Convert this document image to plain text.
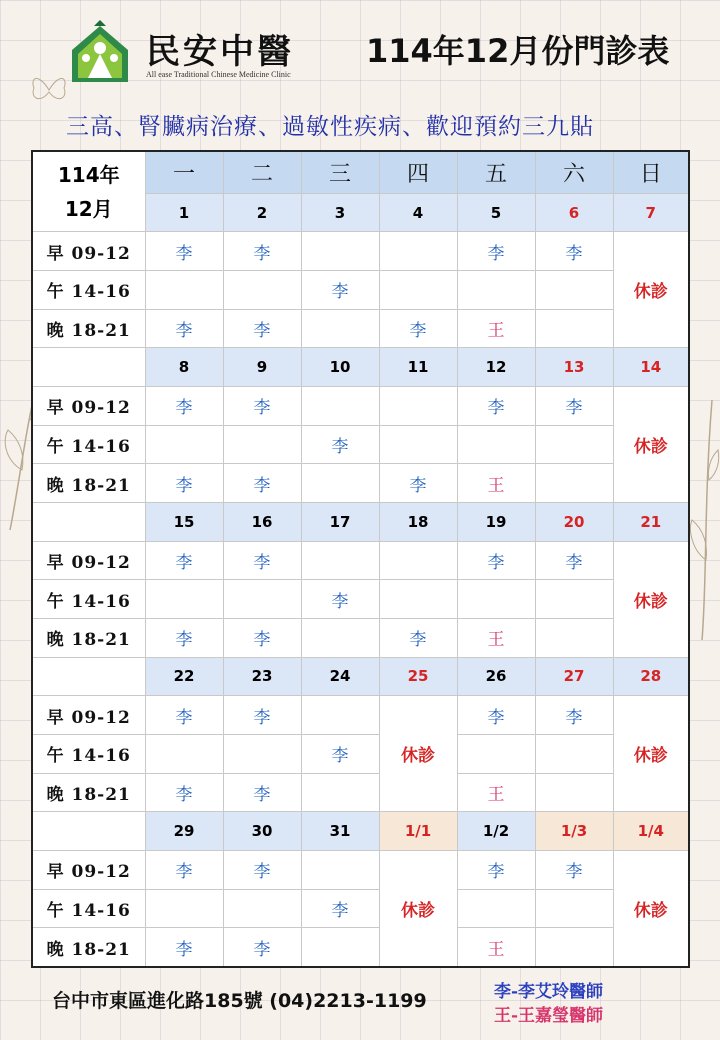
民安中醫
All ease Traditional Chinese Medicine Clinic
114年12月份門診表
三高、腎臟病治療、過敏性疾病、歡迎預約三九貼
114年
12月	一	二	三	四	五	六	日
	1	2	3	4	5	6	7
早 09-12	李	李			李	李	休診
午 14-16			李				
晚 18-21	李	李		李	王		
	8	9	10	11	12	13	14
早 09-12	李	李			李	李	休診
午 14-16			李				
晚 18-21	李	李		李	王		
	15	16	17	18	19	20	21
早 09-12	李	李			李	李	休診
午 14-16			李				
晚 18-21	李	李		李	王		
	22	23	24	25	26	27	28
早 09-12	李	李		休診	李	李	休診
午 14-16			李				
晚 18-21	李	李			王		
	29	30	31	1/1	1/2	1/3	1/4
早 09-12	李	李		休診	李	李	休診
午 14-16			李				
晚 18-21	李	李			王		
台中市東區進化路185號 (04)2213-1199	李-李艾玲醫師
王-王嘉瑩醫師
